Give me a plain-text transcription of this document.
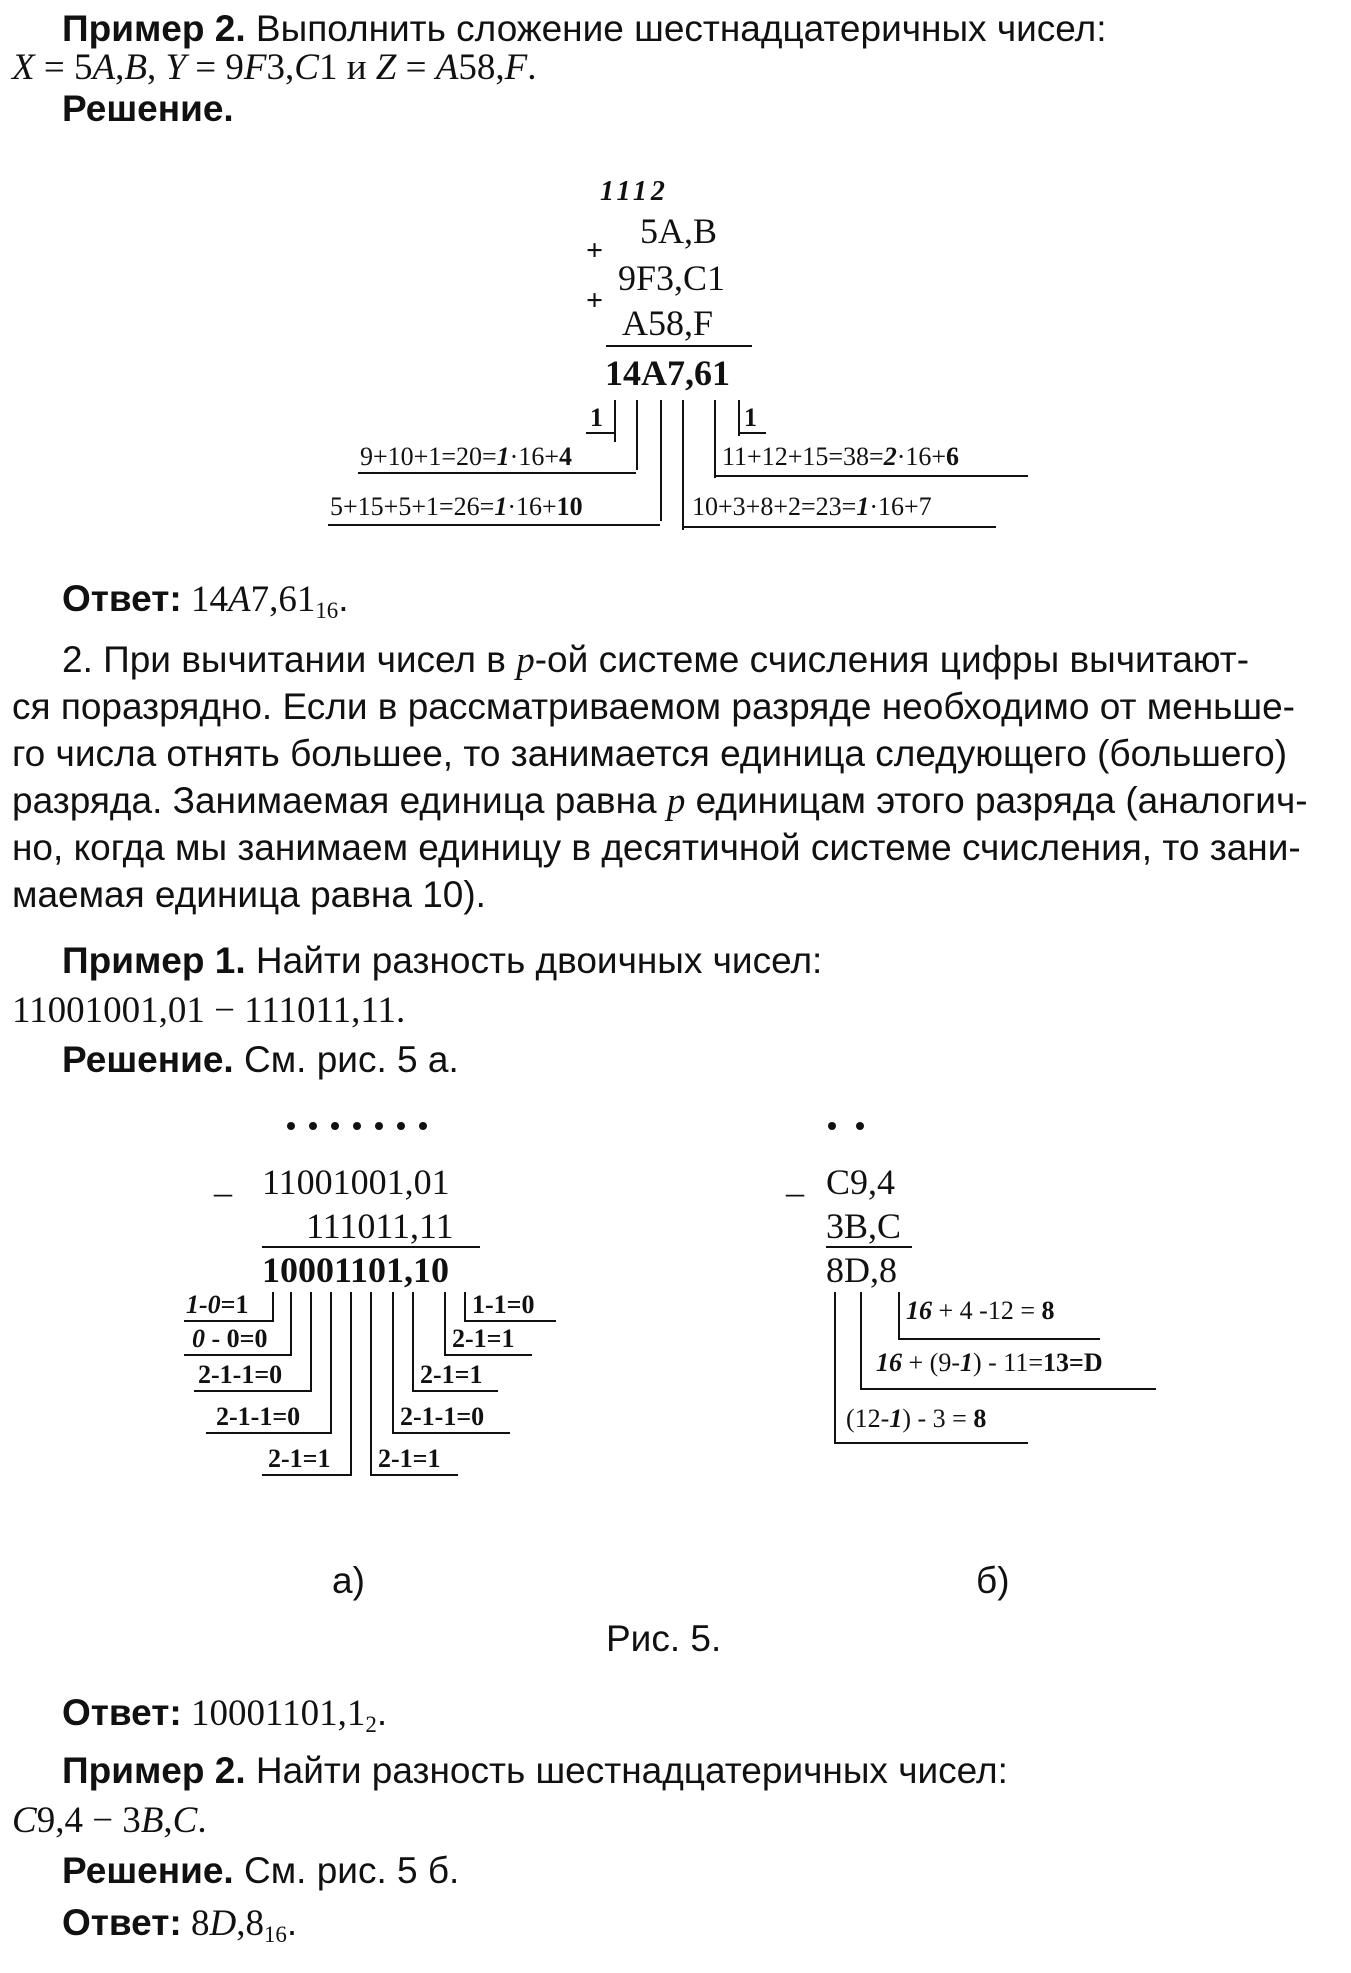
Пример 2. Выполнить сложение шестнадцатеричных чисел:
X = 5A,B, Y = 9F3,C1 и Z = A58,F.
Решение.
1112
5A,B
+
9F3,C1
+
A58,F
14A7,61
1	1
9+10+1=20=1·16+4
5+15+5+1=26=1·16+10
11+12+15=38=2·16+6
10+3+8+2=23=1·16+7
Ответ: $14A7,61_{16}$.
2. При вычитании чисел в p-ой системе счисления цифры вычитают-
ся поразрядно. Если в рассматриваемом разряде необходимо от меньше-
го числа отнять большее, то занимается единица следующего (большего)
разряда. Занимаемая единица равна p единицам этого разряда (аналогич-
но, когда мы занимаем единицу в десятичной системе счисления, то зани-
маемая единица равна 10).
Пример 1. Найти разность двоичных чисел:
11001001,01 − 111011,11.
Решение. См. рис. 5 а.
_ 11001001,01
111011,11
10001101,10
1-0=1
0 - 0=0
2-1-1=0
2-1-1=0
2-1=1
1-1=0
2-1=1
2-1=1
2-1-1=0
2-1=1
а)
_ C9,4
3B,C
8D,8
16 + 4 -12 = 8
16 + (9-1) - 11=13=D
(12-1) - 3 = 8
б)
Рис. 5.
Ответ: $10001101,1_2$.
Пример 2. Найти разность шестнадцатеричных чисел:
C9,4 − 3B,C.
Решение. См. рис. 5 б.
Ответ: $8D,8_{16}$.
